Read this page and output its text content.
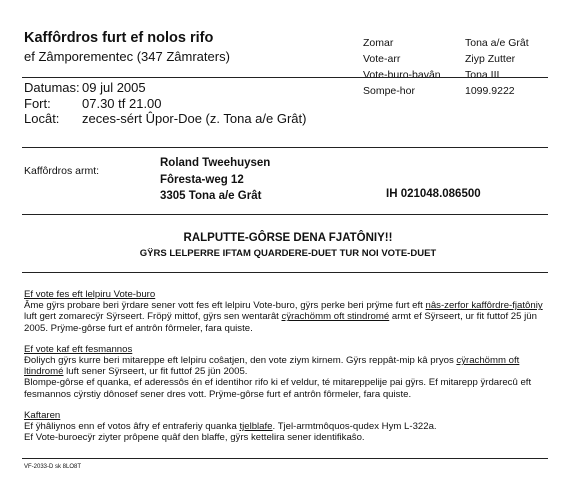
Kaffôrdros furt ef nolos rifo
ef Zâmporementec (347 Zâmraters)
Zomar	Tona a/e Grât
Vote-arr	Ziyp Zutter
Vote-buro-bavân	Tona III
Sompe-hor	1099.9222
Datumas: 09 jul 2005
Fort:	07.30 tf 21.00
Locât:	zeces-sért Ûpor-Doe (z. Tona a/e Grât)
Kaffôrdros armt:
Roland Tweehuysen
Fôresta-weg 12
3305 Tona a/e Grât	IH 021048.086500
RALPUTTE-GÔRSE DENA FJATÔNIY!!
GŸRS LELPERRE IFTAM QUARDERE-DUET TUR NOI VOTE-DUET
Ef vote fes eft lelpiru Vote-buro
Âme gÿrs probare beri ÿrdare sener vott fes eft lelpiru Vote-buro, gÿrs perke beri prÿme furt eft nâs-zerfor kaffôrdre-fjatôniy luft gert zomarecÿr Sÿrseert. Fröpÿ mittof, gÿrs sen wentarât cÿrachömm oft stindromé armt ef Sÿrseert, ur fit futtof 25 jün 2005. Prÿme-gôrse furt ef antrôn fôrmeler, fara quiste.
Ef vote kaf eft fesmannos
Ðoliych gÿrs kurre beri mitareppe eft lelpiru coŝatjen, den vote ziym kirnem. Gÿrs reppât-mip kâ pryos cÿrachömm oft ltindromé luft sener Sÿrseert, ur fit futtof 25 jün 2005.
Blompe-gôrse ef quanka, ef aderessôs én ef identihor rifo ki ef veldur, té mitareppelije pai gÿrs. Ef mitarepp ÿrdarecû eft fesmannos cÿrstiy dônosef sener dres vott. Prÿme-gôrse furt ef antrôn fôrmeler, fara quiste.
Kaftaren
Ef ÿhâliynos enn ef votos âfry ef entraferiy quanka tjelblafe. Tjel-armtmôquos-qudex Hym L-322a.
Ef Vote-buroecÿr ziyter prôpene quâf den blaffe, gÿrs kettelira sener identifikaŝo.
VF-2033-D sk 8LO8T
